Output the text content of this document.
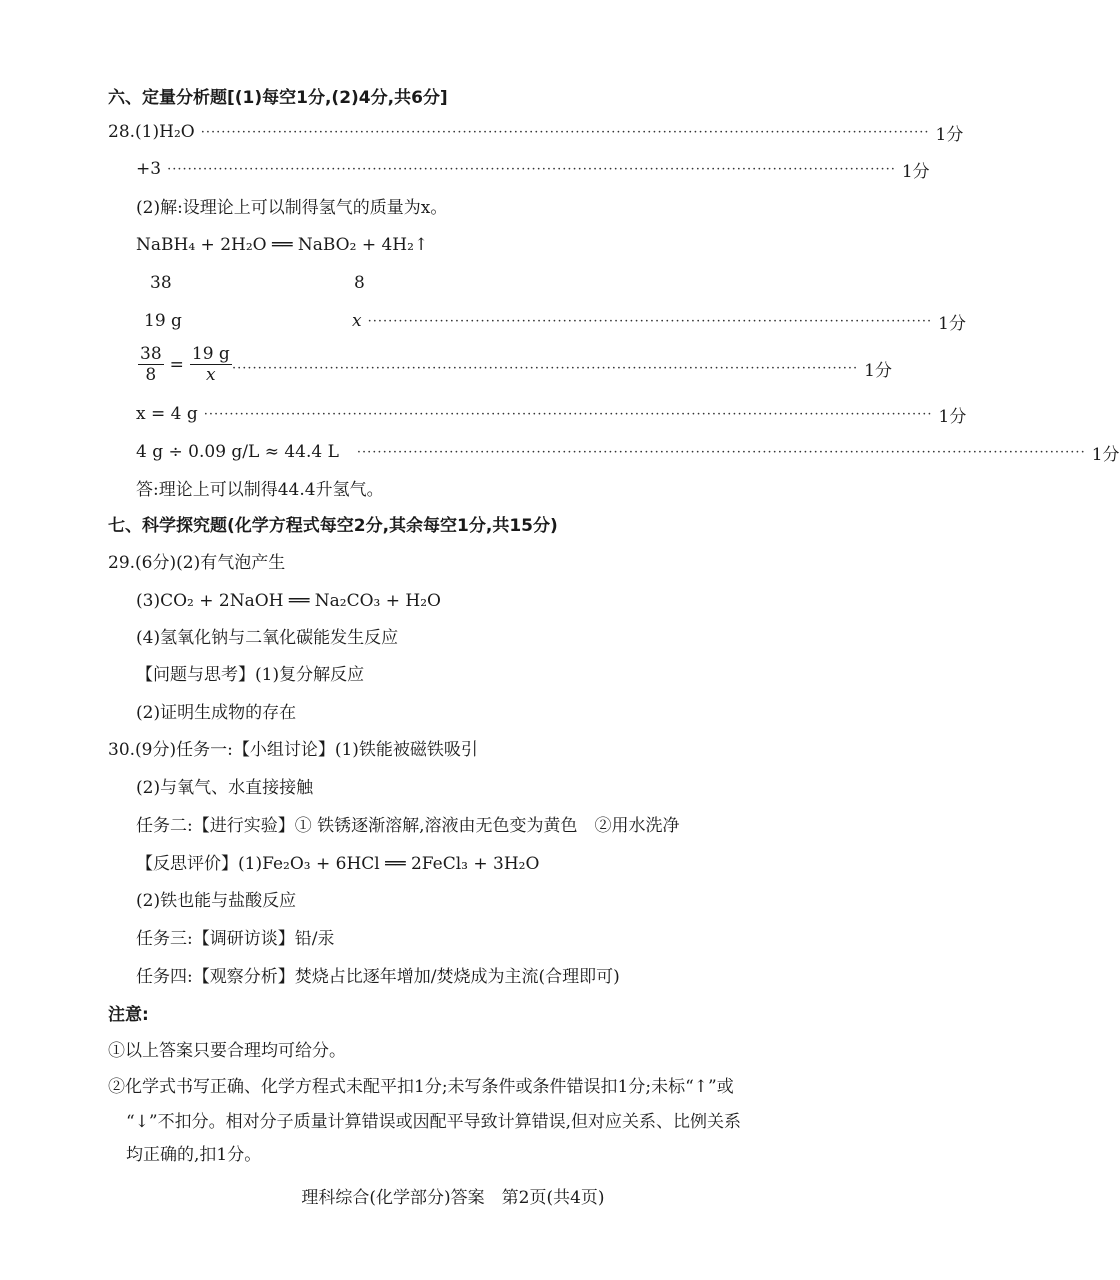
六、定量分析题[(1)每空1分,(2)4分,共6分]
28.(1)H₂O ·············································································································································· 1分
+3 ·············································································································································· 1分
(2)解:设理论上可以制得氢气的质量为x。
NaBH₄ + 2H₂O ══ NaBO₂ + 4H₂↑
38	8
19 g	x ·············································································································· 1分
$\frac{38}{8} = \frac{19 g}{x}$ ·························································································································· 1分
x = 4 g ·············································································································································· 1分
4 g ÷ 0.09 g/L ≈ 44.4 L ·············································································································································· 1分
答:理论上可以制得44.4升氢气。
七、科学探究题(化学方程式每空2分,其余每空1分,共15分)
29.(6分)(2)有气泡产生
(3)CO₂ + 2NaOH ══ Na₂CO₃ + H₂O
(4)氢氧化钠与二氧化碳能发生反应
【问题与思考】(1)复分解反应
(2)证明生成物的存在
30.(9分)任务一:【小组讨论】(1)铁能被磁铁吸引
(2)与氧气、水直接接触
任务二:【进行实验】① 铁锈逐渐溶解,溶液由无色变为黄色　②用水洗净
【反思评价】(1)Fe₂O₃ + 6HCl ══ 2FeCl₃ + 3H₂O
(2)铁也能与盐酸反应
任务三:【调研访谈】铅/汞
任务四:【观察分析】焚烧占比逐年增加/焚烧成为主流(合理即可)
注意:
①以上答案只要合理均可给分。
②化学式书写正确、化学方程式未配平扣1分;未写条件或条件错误扣1分;未标“↑”或
“↓”不扣分。相对分子质量计算错误或因配平导致计算错误,但对应关系、比例关系
均正确的,扣1分。
理科综合(化学部分)答案　第2页(共4页)
